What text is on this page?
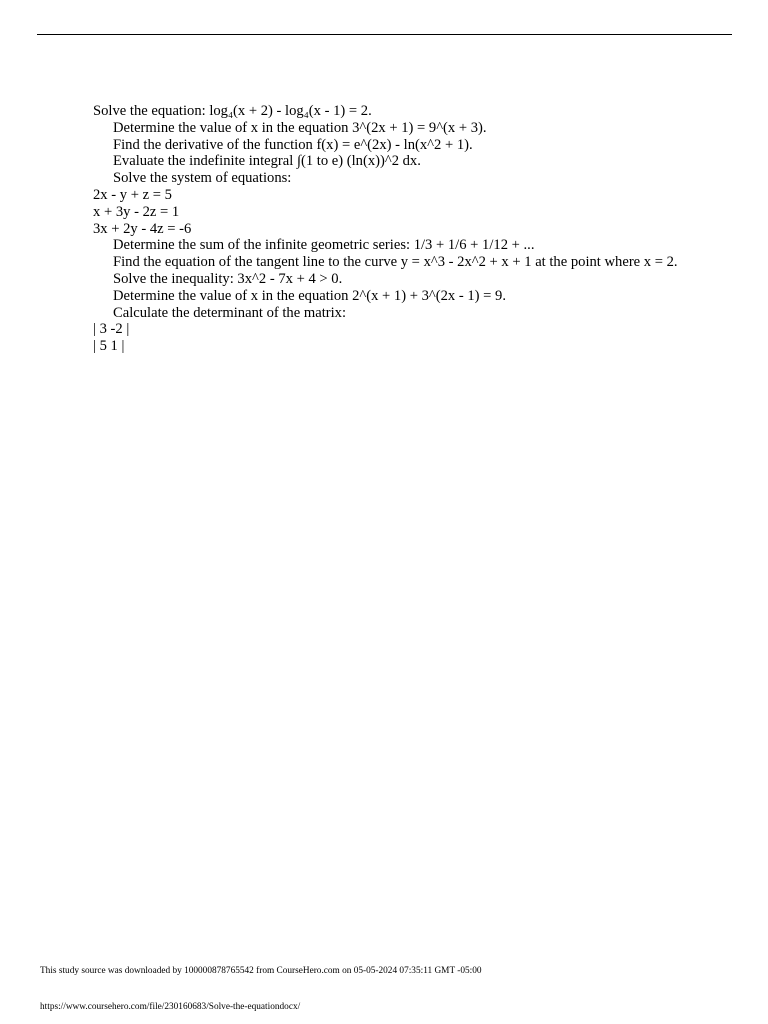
Solve the equation: log₄(x + 2) - log₄(x - 1) = 2.

Determine the value of x in the equation 3^(2x + 1) = 9^(x + 3).

Find the derivative of the function f(x) = e^(2x) - ln(x^2 + 1).

Evaluate the indefinite integral ∫(1 to e) (ln(x))^2 dx.

Solve the system of equations:

2x - y + z = 5

x + 3y - 2z = 1

3x + 2y - 4z = -6

Determine the sum of the infinite geometric series: 1/3 + 1/6 + 1/12 + ...

Find the equation of the tangent line to the curve y = x^3 - 2x^2 + x + 1 at the point where x = 2.

Solve the inequality: 3x^2 - 7x + 4 > 0.

Determine the value of x in the equation 2^(x + 1) + 3^(2x - 1) = 9.

Calculate the determinant of the matrix:

| 3 -2 |

| 5 1 |

This study source was downloaded by 100000878765542 from CourseHero.com on 05-05-2024 07:35:11 GMT -05:00
https://www.coursehero.com/file/230160683/Solve-the-equationdocx/
